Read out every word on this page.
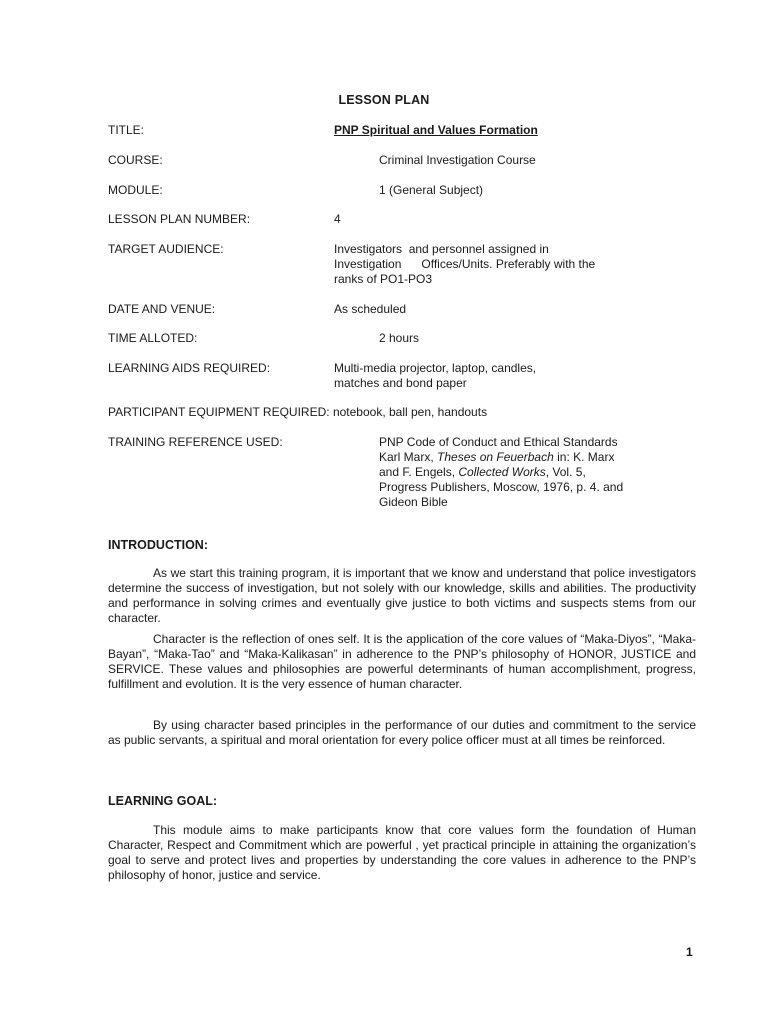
LESSON PLAN
TITLE:	PNP Spiritual and Values Formation
COURSE:	Criminal Investigation Course
MODULE:	1 (General Subject)
LESSON PLAN NUMBER:	4
TARGET AUDIENCE:	Investigators  and personnel assigned in
Investigation      Offices/Units. Preferably with the
ranks of PO1-PO3
DATE AND VENUE:	As scheduled
TIME ALLOTED:	2 hours
LEARNING AIDS REQUIRED:	Multi-media projector, laptop, candles,
matches and bond paper
PARTICIPANT EQUIPMENT REQUIRED: notebook, ball pen, handouts
TRAINING REFERENCE USED:	PNP Code of Conduct and Ethical Standards
Karl Marx, Theses on Feuerbach in: K. Marx
and F. Engels, Collected Works, Vol. 5,
Progress Publishers, Moscow, 1976, p. 4. and
Gideon Bible
INTRODUCTION:
As we start this training program, it is important that we know and understand that police investigators determine the success of investigation, but not solely with our knowledge, skills and abilities. The productivity and performance in solving crimes and eventually give justice to both victims and suspects stems from our character.
Character is the reflection of ones self. It is the application of the core values of “Maka-Diyos”, “Maka-Bayan”, “Maka-Tao” and “Maka-Kalikasan” in adherence to the PNP’s philosophy of HONOR, JUSTICE and SERVICE. These values and philosophies are powerful determinants of human accomplishment, progress, fulfillment and evolution. It is the very essence of human character.
By using character based principles in the performance of our duties and commitment to the service as public servants, a spiritual and moral orientation for every police officer must at all times be reinforced.
LEARNING GOAL:
This module aims to make participants know that core values form the foundation of Human Character, Respect and Commitment which are powerful , yet practical principle in attaining the organization’s goal to serve and protect lives and properties by understanding the core values in adherence to the PNP’s philosophy of honor, justice and service.
1
